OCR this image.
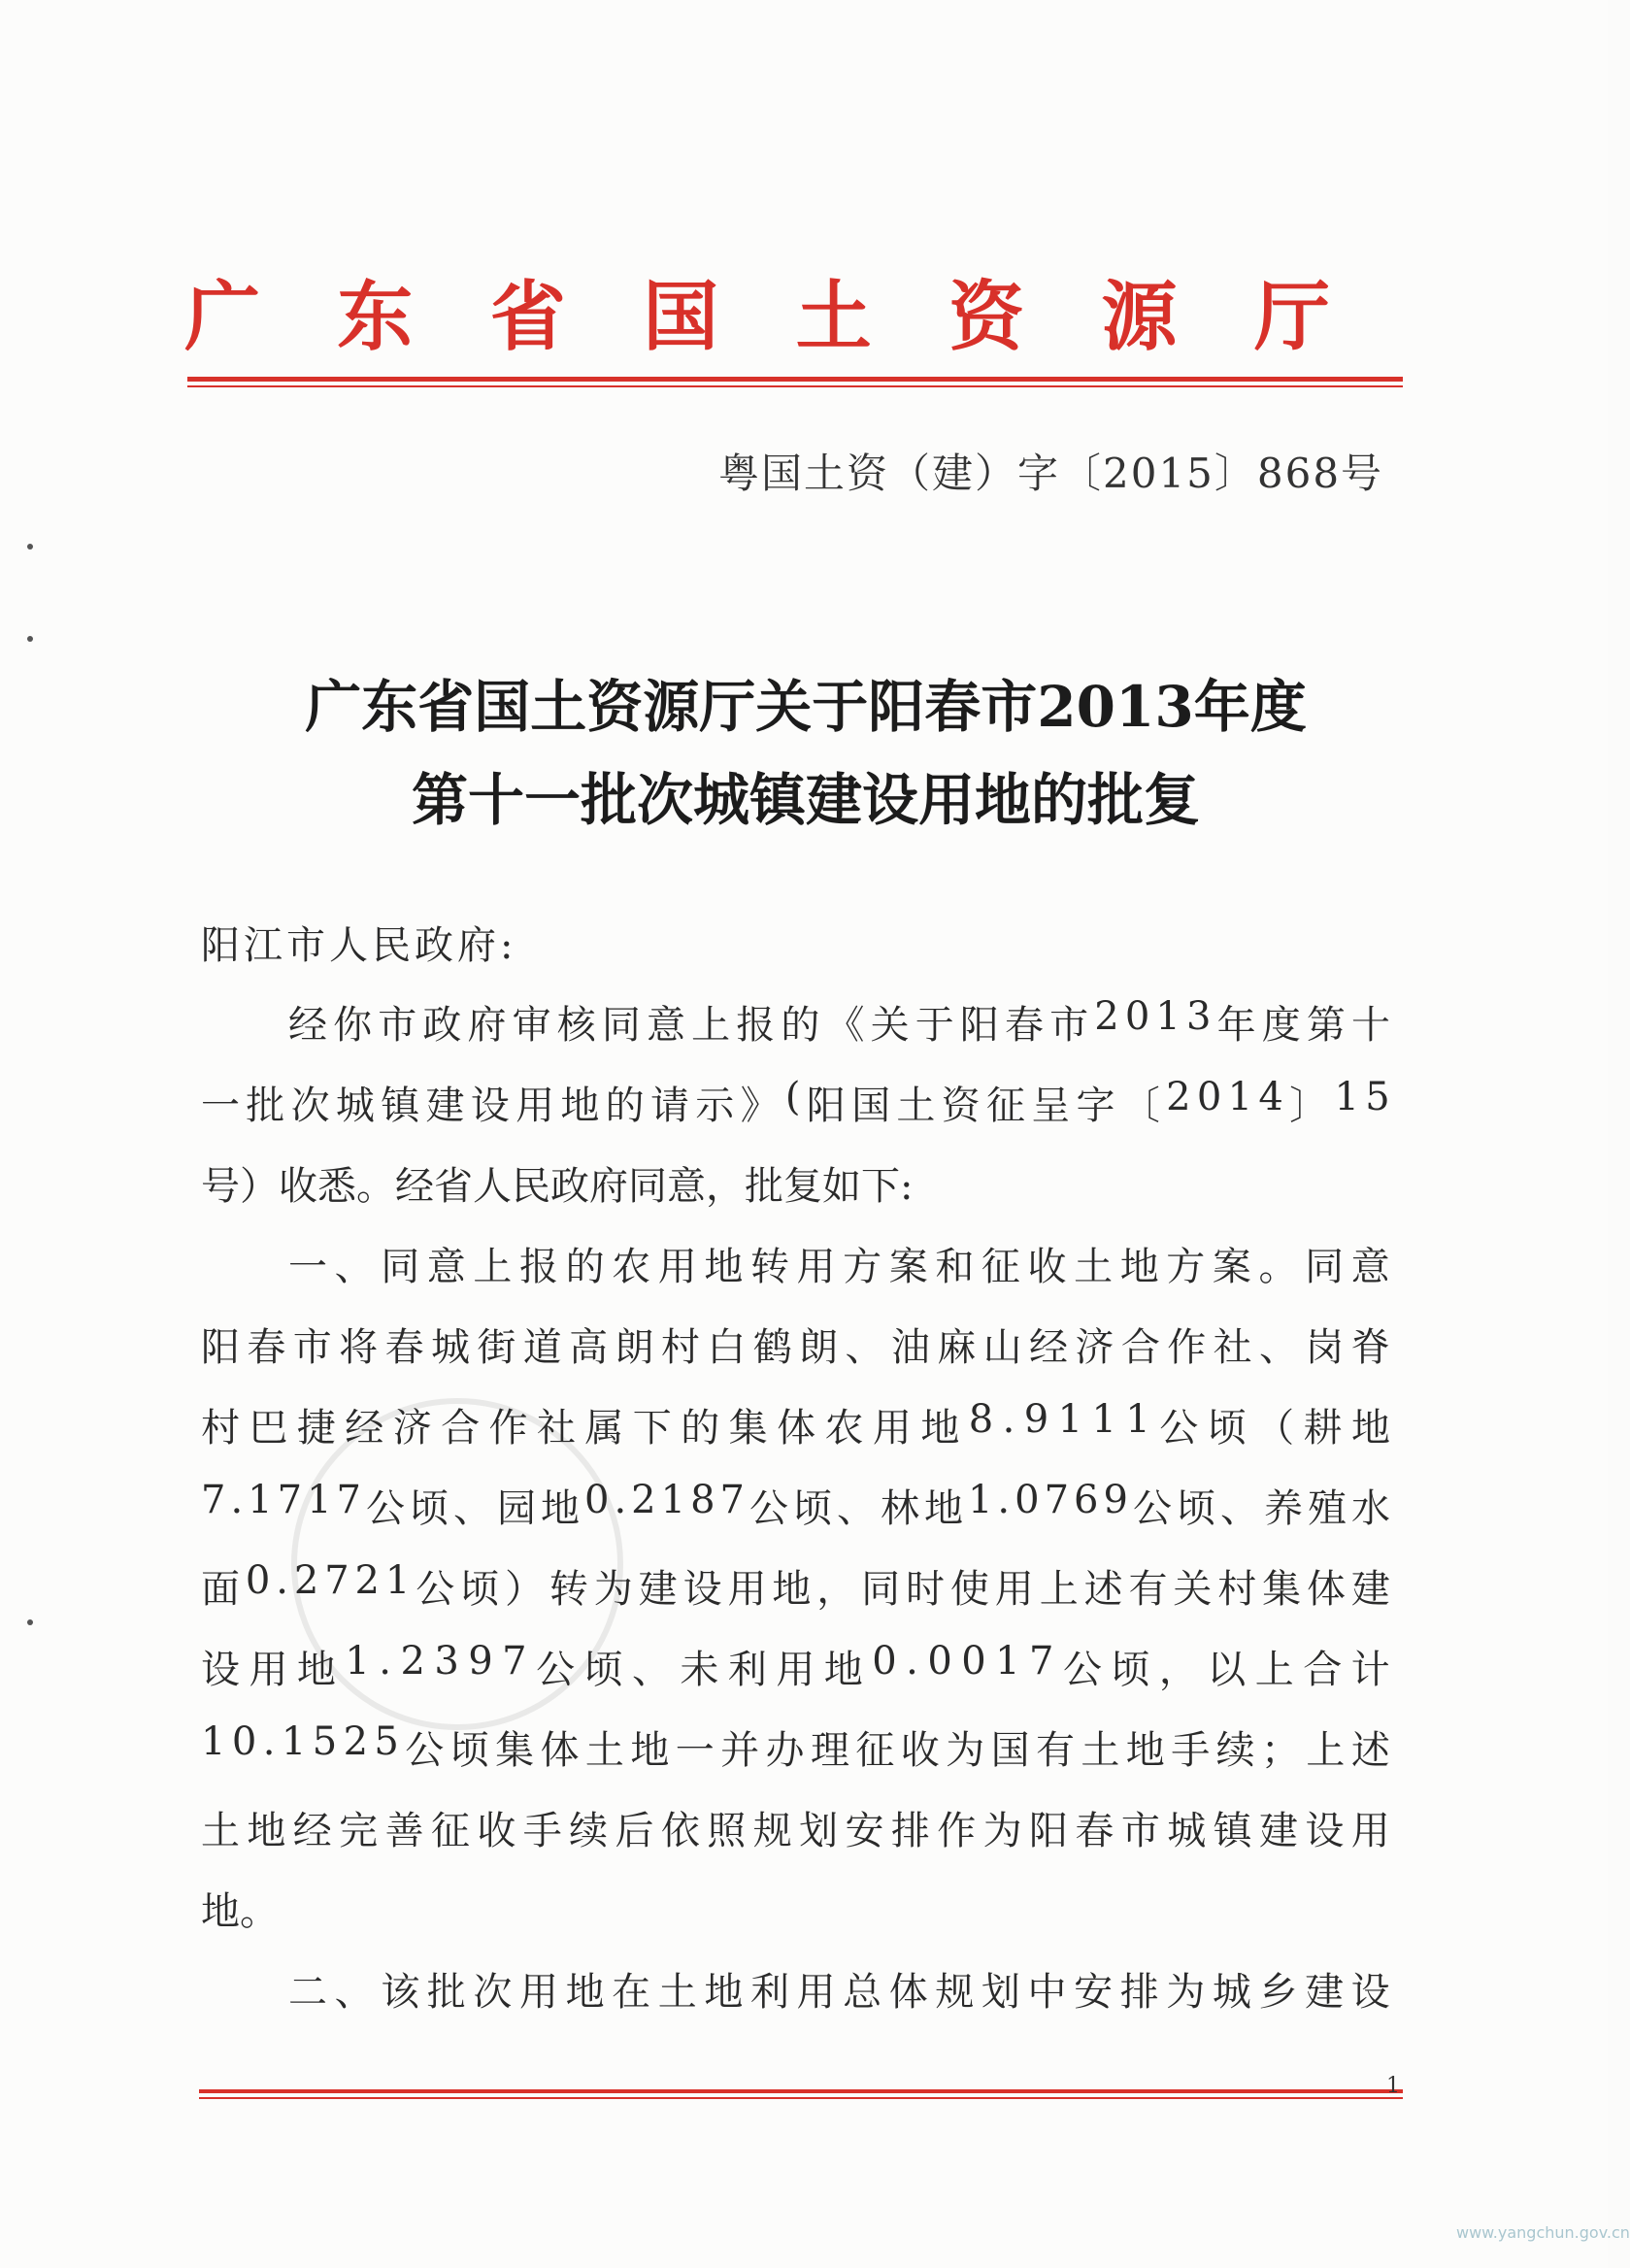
广 东 省 国 土 资 源 厅
粤国土资（建）字〔2015〕868号
广东省国土资源厅关于阳春市2013年度
第十一批次城镇建设用地的批复
阳江市人民政府:
经 你 市 政 府 审 核 同 意 上 报 的 《 关 于 阳 春 市 2 0 1 3 年 度 第 十
一 批 次 城 镇 建 设 用 地 的 请 示 》 ( 阳 国 土 资 征 呈 字 〔 2 0 1 4 〕 1 5
号）收悉。经省人民政府同意，批复如下:
一 、 同 意 上 报 的 农 用 地 转 用 方 案 和 征 收 土 地 方 案 。 同 意
阳 春 市 将 春 城 街 道 高 朗 村 白 鹤 朗 、 油 麻 山 经 济 合 作 社 、 岗 脊
村 巴 捷 经 济 合 作 社 属 下 的 集 体 农 用 地 8 . 9 1 1 1 公 顷 （ 耕 地
7 . 1 7 1 7 公 顷 、 园 地 0 . 2 1 8 7 公 顷 、 林 地 1 . 0 7 6 9 公 顷 、 养 殖 水
面 0 . 2 7 2 1 公 顷 ） 转 为 建 设 用 地 ， 同 时 使 用 上 述 有 关 村 集 体 建
设 用 地 1 . 2 3 9 7 公 顷 、 未 利 用 地 0 . 0 0 1 7 公 顷 ， 以 上 合 计
1 0 . 1 5 2 5 公 顷 集 体 土 地 一 并 办 理 征 收 为 国 有 土 地 手 续 ； 上 述
土 地 经 完 善 征 收 手 续 后 依 照 规 划 安 排 作 为 阳 春 市 城 镇 建 设 用
地。
二 、 该 批 次 用 地 在 土 地 利 用 总 体 规 划 中 安 排 为 城 乡 建 设
1
www.yangchun.gov.cn
